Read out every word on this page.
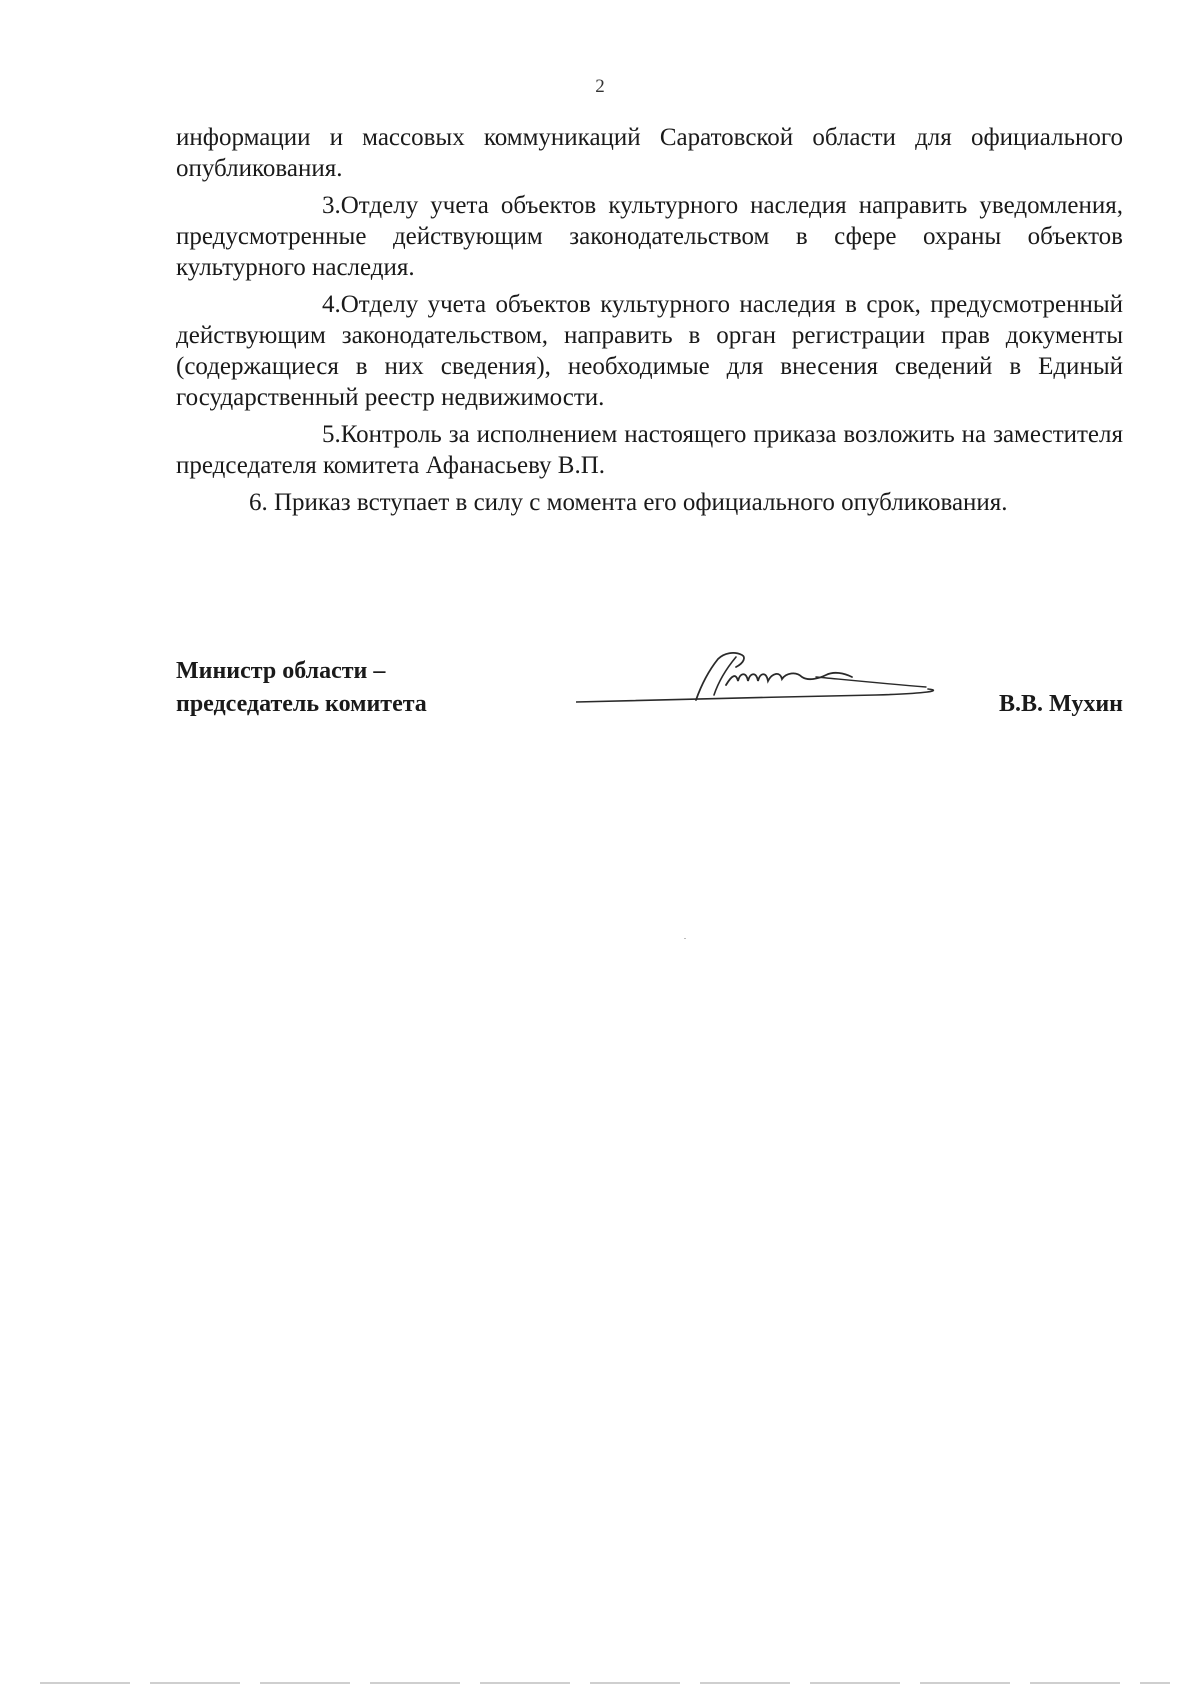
2

информации и массовых коммуникаций Саратовской области для официального опубликования.

3.Отделу учета объектов культурного наследия направить уведомления, предусмотренные действующим законодательством в сфере охраны объектов культурного наследия.

4.Отделу учета объектов культурного наследия в срок, предусмотренный действующим законодательством, направить в орган регистрации прав документы (содержащиеся в них сведения), необходимые для внесения сведений в Единый государственный реестр недвижимости.

5.Контроль за исполнением настоящего приказа возложить на заместителя председателя комитета Афанасьеву В.П.

6. Приказ вступает в силу с момента его официального опубликования.

Министр области –
председатель комитета	В.В. Мухин
